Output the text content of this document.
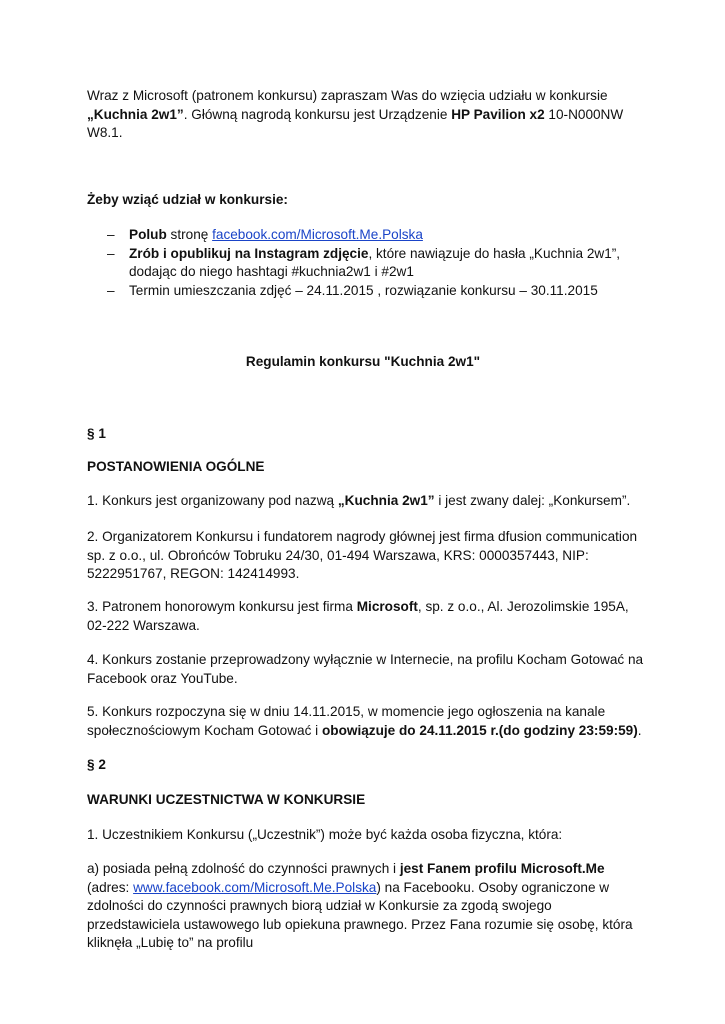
Wraz z Microsoft (patronem konkursu) zapraszam Was do wzięcia udziału w konkursie „Kuchnia 2w1”. Główną nagrodą konkursu jest Urządzenie HP Pavilion x2 10-N000NW W8.1.

Żeby wziąć udział w konkursie:

– Polub stronę facebook.com/Microsoft.Me.Polska
– Zrób i opublikuj na Instagram zdjęcie, które nawiązuje do hasła „Kuchnia 2w1”, dodając do niego hashtagi #kuchnia2w1 i #2w1
– Termin umieszczania zdjęć – 24.11.2015 , rozwiązanie konkursu – 30.11.2015

Regulamin konkursu "Kuchnia 2w1"

§ 1

POSTANOWIENIA OGÓLNE

1. Konkurs jest organizowany pod nazwą „Kuchnia 2w1” i jest zwany dalej: „Konkursem”.

2. Organizatorem Konkursu i fundatorem nagrody głównej jest firma dfusion communication sp. z o.o., ul. Obrońców Tobruku 24/30, 01-494 Warszawa, KRS: 0000357443, NIP: 5222951767, REGON: 142414993.

3. Patronem honorowym konkursu jest firma Microsoft, sp. z o.o., Al. Jerozolimskie 195A, 02-222 Warszawa.

4. Konkurs zostanie przeprowadzony wyłącznie w Internecie, na profilu Kocham Gotować na Facebook oraz YouTube.

5. Konkurs rozpoczyna się w dniu 14.11.2015, w momencie jego ogłoszenia na kanale społecznościowym Kocham Gotować i obowiązuje do 24.11.2015 r.(do godziny 23:59:59).

§ 2

WARUNKI UCZESTNICTWA W KONKURSIE

1. Uczestnikiem Konkursu („Uczestnik”) może być każda osoba fizyczna, która:

a) posiada pełną zdolność do czynności prawnych i jest Fanem profilu Microsoft.Me (adres: www.facebook.com/Microsoft.Me.Polska) na Facebooku. Osoby ograniczone w zdolności do czynności prawnych biorą udział w Konkursie za zgodą swojego przedstawiciela ustawowego lub opiekuna prawnego. Przez Fana rozumie się osobę, która kliknęła „Lubię to” na profilu
